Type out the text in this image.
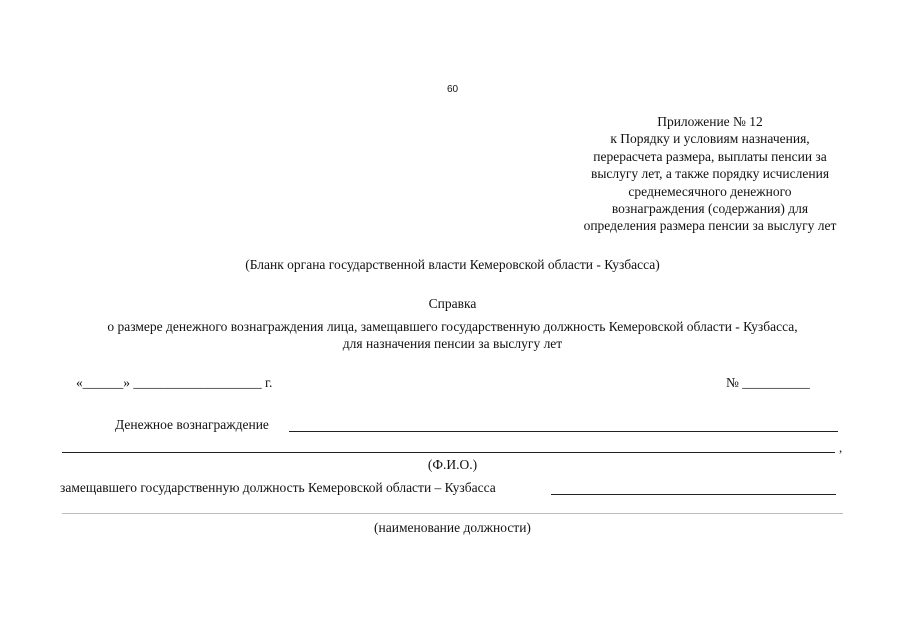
60
Приложение № 12
к Порядку и условиям назначения,
перерасчета размера, выплаты пенсии за
выслугу лет, а также порядку исчисления
среднемесячного денежного
вознаграждения (содержания) для
определения размера пенсии за выслугу лет
(Бланк органа государственной власти Кемеровской области - Кузбасса)
Справка
о размере денежного вознаграждения лица, замещавшего государственную должность Кемеровской области - Кузбасса,
для назначения пенсии за выслугу лет
«______» ___________________ г.	№ __________
Денежное вознаграждение
,
(Ф.И.О.)
замещавшего государственную должность Кемеровской области – Кузбасса
(наименование должности)
